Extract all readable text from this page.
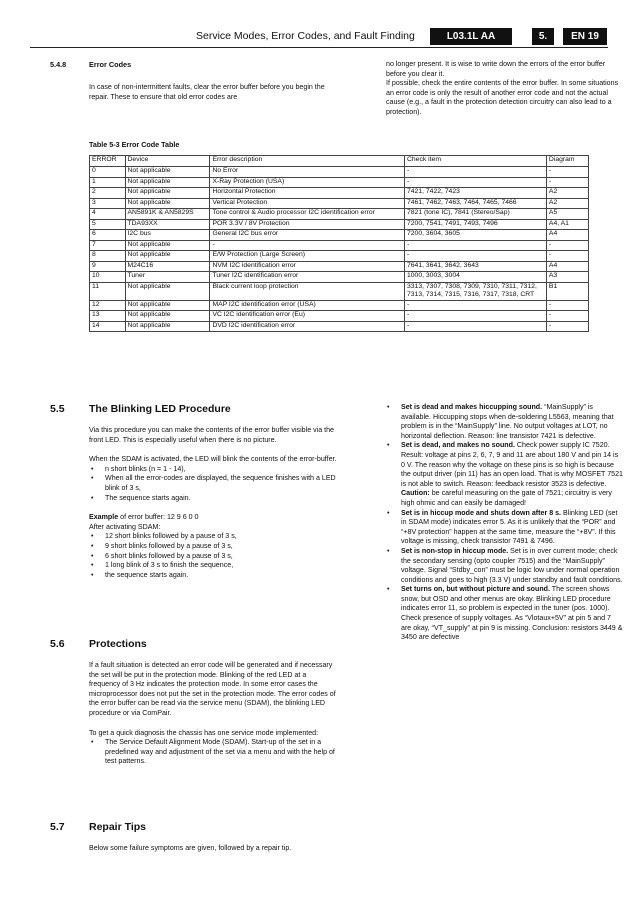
Service Modes, Error Codes, and Fault Finding	L03.1L AA	5.	EN 19
5.4.8	Error Codes
In case of non-intermittent faults, clear the error buffer before you begin the repair. These to ensure that old error codes are

no longer present. It is wise to write down the errors of the error buffer before you clear it.

If possible, check the entire contents of the error buffer. In some situations an error code is only the result of another error code and not the actual cause (e.g., a fault in the protection detection circuitry can also lead to a protection).

Table 5-3 Error Code Table
ERROR	Device	Error description	Check item	Diagram
0	Not applicable	No Error	-	-
1	Not applicable	X-Ray Protection (USA)	-	-
2	Not applicable	Horizontal Protection	7421, 7422, 7423	A2
3	Not applicable	Vertical Protection	7461, 7462, 7463, 7464, 7465, 7466	A2
4	AN5891K & AN5829S	Tone control & Audio processor I2C identification error	7821 (tone IC), 7841 (Stereo/Sap)	A5
5	TDA93XX	POR 3.3V / 8V Protection	7200, 7541, 7491, 7493, 7496	A4, A1
6	I2C bus	General I2C bus error	7200, 3604, 3605	A4
7	Not applicable	-	-	-
8	Not applicable	E/W Protection (Large Screen)	-	-
9	M24C16	NVM I2C identification error	7641, 3641, 3642, 3643	A4
10	Tuner	Tuner I2C identification error	1000, 3003, 3004	A3
11	Not applicable	Black current loop protection	3313, 7307, 7308, 7309, 7310, 7311, 7312, 7313, 7314, 7315, 7316, 7317, 7318, CRT	B1
12	Not applicable	MAP I2C identification error (USA)	-	-
13	Not applicable	VC I2C identification error (Eu)	-	-
14	Not applicable	DVD I2C identification error	-	-
5.5 The Blinking LED Procedure

Via this procedure you can make the contents of the error buffer visible via the front LED. This is especially useful when there is no picture.

When the SDAM is activated, the LED will blink the contents of the error-buffer.

• n short blinks (n = 1 - 14),
• When all the error-codes are displayed, the sequence finishes with a LED blink of 3 s,
• The sequence starts again.

Example of error buffer: 12 9 6 0 0

After activating SDAM:

• 12 short blinks followed by a pause of 3 s,
• 9 short blinks followed by a pause of 3 s,
• 6 short blinks followed by a pause of 3 s,
• 1 long blink of 3 s to finish the sequence,
• the sequence starts again.
5.6 Protections

If a fault situation is detected an error code will be generated and if necessary the set will be put in the protection mode. Blinking of the red LED at a frequency of 3 Hz indicates the protection mode. In some error cases the microprocessor does not put the set in the protection mode. The error codes of the error buffer can be read via the service menu (SDAM), the blinking LED procedure or via ComPair.

To get a quick diagnosis the chassis has one service mode implemented:

• The Service Default Alignment Mode (SDAM). Start-up of the set in a predefined way and adjustment of the set via a menu and with the help of test patterns.
5.7 Repair Tips
Below some failure symptoms are given, followed by a repair tip.
• Set is dead and makes hiccupping sound. “MainSupply” is available. Hiccupping stops when de-soldering L5563, meaning that problem is in the “MainSupply” line. No output voltages at LOT, no horizontal deflection. Reason: line transistor 7421 is defective.
• Set is dead, and makes no sound. Check power supply IC 7520. Result: voltage at pins 2, 6, 7, 9 and 11 are about 180 V and pin 14 is 0 V. The reason why the voltage on these pins is so high is because the output driver (pin 11) has an open load. That is why MOSFET 7521 is not able to switch. Reason: feedback resistor 3523 is defective.
Caution: be careful measuring on the gate of 7521; circuitry is very high ohmic and can easily be damaged!
• Set is in hiccup mode and shuts down after 8 s. Blinking LED (set in SDAM mode) indicates error 5. As it is unlikely that the “POR” and “+8V protection” happen at the same time, measure the “+8V”. If this voltage is missing, check transistor 7491 & 7496.
• Set is non-stop in hiccup mode. Set is in over current mode; check the secondary sensing (opto coupler 7515) and the “MainSupply” voltage. Signal “Stdby_con” must be logic low under normal operation conditions and goes to high (3.3 V) under standby and fault conditions.
• Set turns on, but without picture and sound. The screen shows snow, but OSD and other menus are okay. Blinking LED procedure indicates error 11, so problem is expected in the tuner (pos. 1000). Check presence of supply voltages. As “Vlotaux+5V” at pin 5 and 7 are okay, “VT_supply” at pin 9 is missing. Conclusion: resistors 3449 & 3450 are defective
